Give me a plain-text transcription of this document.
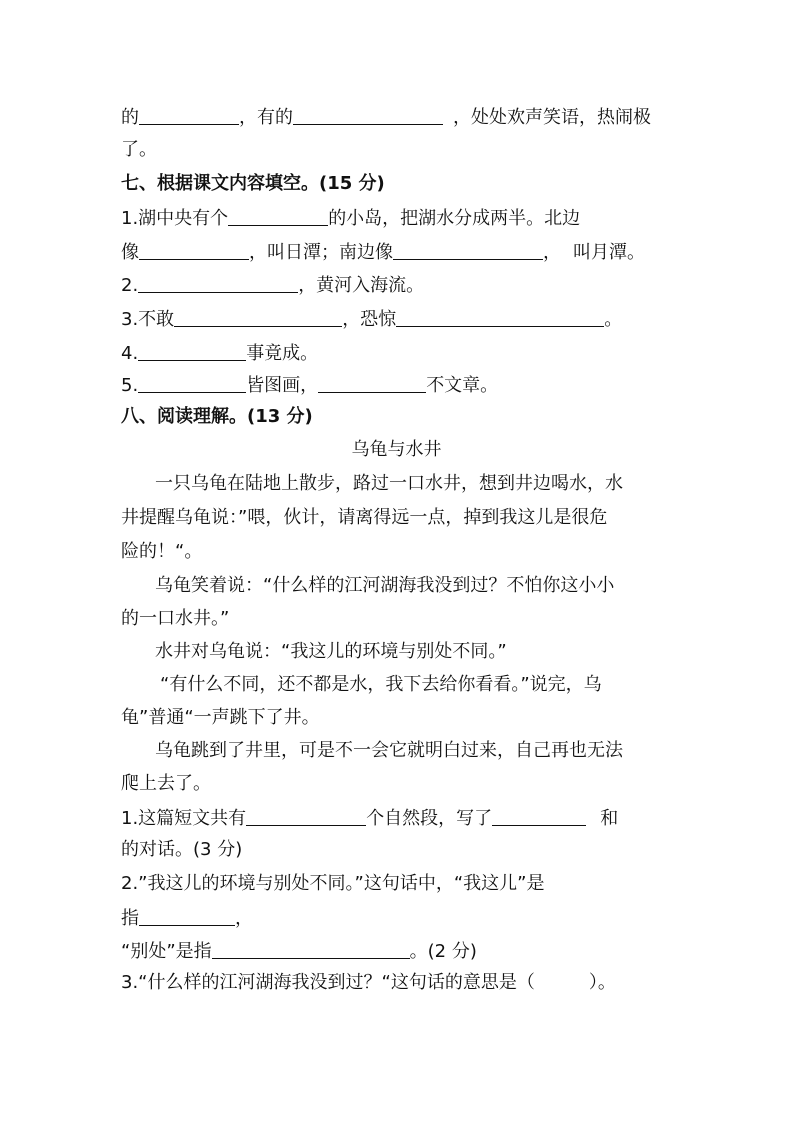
的	，有的	，处处欢声笑语，热闹极
了。
七、根据课文内容填空。(15 分)
1.湖中央有个	的小岛，把湖水分成两半。北边
像	，叫日潭；南边像	， 叫月潭。
2.	，黄河入海流。
3.不敢	，恐惊	。
4.	事竟成。
5.	皆图画，	不文章。
八、阅读理解。(13 分)
乌龟与水井
一只乌龟在陆地上散步，路过一口水井，想到井边喝水，水
井提醒乌龟说：”喂，伙计，请离得远一点，掉到我这儿是很危
险的！“。
乌龟笑着说：“什么样的江河湖海我没到过？不怕你这小小
的一口水井。”
水井对乌龟说：“我这儿的环境与别处不同。”
“有什么不同，还不都是水，我下去给你看看。”说完，乌
龟”普通“一声跳下了井。
乌龟跳到了井里，可是不一会它就明白过来，自己再也无法
爬上去了。
1.这篇短文共有	个自然段，写了	和
的对话。(3 分)
2.”我这儿的环境与别处不同。”这句话中，“我这儿”是
指	，
“别处”是指	。(2 分)
3.“什么样的江河湖海我没到过？“这句话的意思是（　　　）。
